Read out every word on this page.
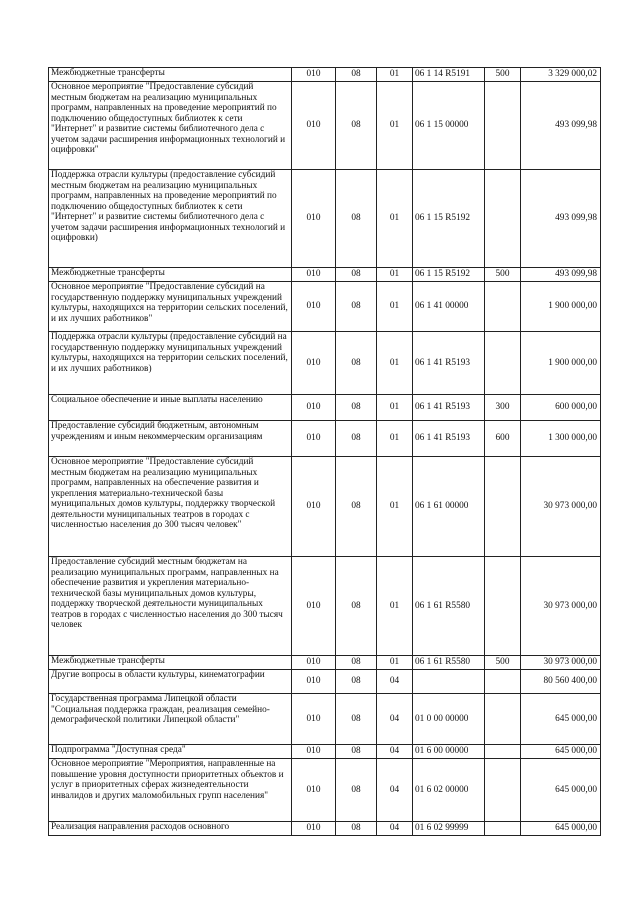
Межбюджетные трансферты	010	08	01	06 1 14 R5191	500	3 329 000,02
Основное мероприятие "Предоставление субсидий местным бюджетам на реализацию муниципальных программ, направленных на проведение мероприятий по подключению общедоступных библиотек к сети "Интернет" и развитие системы библиотечного дела с учетом задачи расширения информационных технологий и оцифровки"	010	08	01	06 1 15 00000		493 099,98
Поддержка отрасли культуры (предоставление субсидий местным бюджетам на реализацию муниципальных программ, направленных на проведение мероприятий по подключению общедоступных библиотек к сети "Интернет" и развитие системы библиотечного дела с учетом задачи расширения информационных технологий и оцифровки)	010	08	01	06 1 15 R5192		493 099,98
Межбюджетные трансферты	010	08	01	06 1 15 R5192	500	493 099,98
Основное мероприятие "Предоставление субсидий на государственную поддержку муниципальных учреждений культуры, находящихся на территории сельских поселений, и их лучших работников"	010	08	01	06 1 41 00000		1 900 000,00
Поддержка отрасли культуры (предоставление субсидий на государственную поддержку муниципальных учреждений культуры, находящихся на территории сельских поселений, и их лучших работников)	010	08	01	06 1 41 R5193		1 900 000,00
Социальное обеспечение и иные выплаты населению	010	08	01	06 1 41 R5193	300	600 000,00
Предоставление субсидий бюджетным, автономным учреждениям и иным некоммерческим организациям	010	08	01	06 1 41 R5193	600	1 300 000,00
Основное мероприятие "Предоставление субсидий местным бюджетам на реализацию муниципальных программ, направленных на обеспечение развития и укрепления материально-технической базы муниципальных домов культуры, поддержку творческой деятельности муниципальных театров в городах с численностью населения до 300 тысяч человек"	010	08	01	06 1 61 00000		30 973 000,00
Предоставление субсидий местным бюджетам на реализацию муниципальных программ, направленных на обеспечение развития и укрепления материально-технической базы муниципальных домов культуры, поддержку творческой деятельности муниципальных театров в городах с численностью населения до 300 тысяч человек	010	08	01	06 1 61 R5580		30 973 000,00
Межбюджетные трансферты	010	08	01	06 1 61 R5580	500	30 973 000,00
Другие вопросы в области культуры, кинематографии	010	08	04			80 560 400,00
Государственная программа Липецкой области "Социальная поддержка граждан, реализация семейно-демографической политики Липецкой области"	010	08	04	01 0 00 00000		645 000,00
Подпрограмма "Доступная среда"	010	08	04	01 6 00 00000		645 000,00
Основное мероприятие "Мероприятия, направленные на повышение уровня доступности приоритетных объектов и услуг в приоритетных сферах жизнедеятельности инвалидов и других маломобильных групп населения"	010	08	04	01 6 02 00000		645 000,00
Реализация направления расходов основного	010	08	04	01 6 02 99999		645 000,00
